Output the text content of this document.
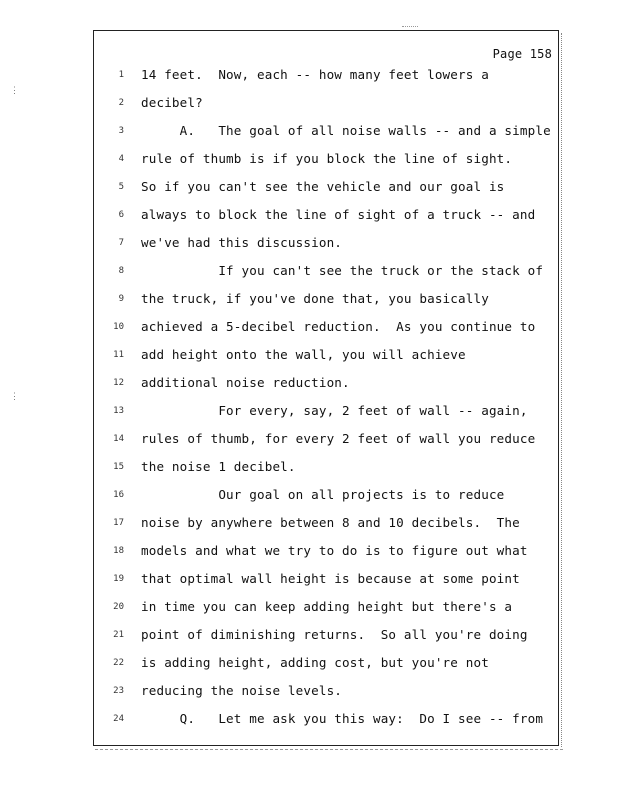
⋮
⋮
Page 158
1 14 feet.  Now, each -- how many feet lowers a
2 decibel?
3 A.   The goal of all noise walls -- and a simple
4 rule of thumb is if you block the line of sight.
5 So if you can't see the vehicle and our goal is
6 always to block the line of sight of a truck -- and
7 we've had this discussion.
8 If you can't see the truck or the stack of
9 the truck, if you've done that, you basically
10 achieved a 5-decibel reduction.  As you continue to
11 add height onto the wall, you will achieve
12 additional noise reduction.
13 For every, say, 2 feet of wall -- again,
14 rules of thumb, for every 2 feet of wall you reduce
15 the noise 1 decibel.
16 Our goal on all projects is to reduce
17 noise by anywhere between 8 and 10 decibels.  The
18 models and what we try to do is to figure out what
19 that optimal wall height is because at some point
20 in time you can keep adding height but there's a
21 point of diminishing returns.  So all you're doing
22 is adding height, adding cost, but you're not
23 reducing the noise levels.
24 Q.   Let me ask you this way:  Do I see -- from
